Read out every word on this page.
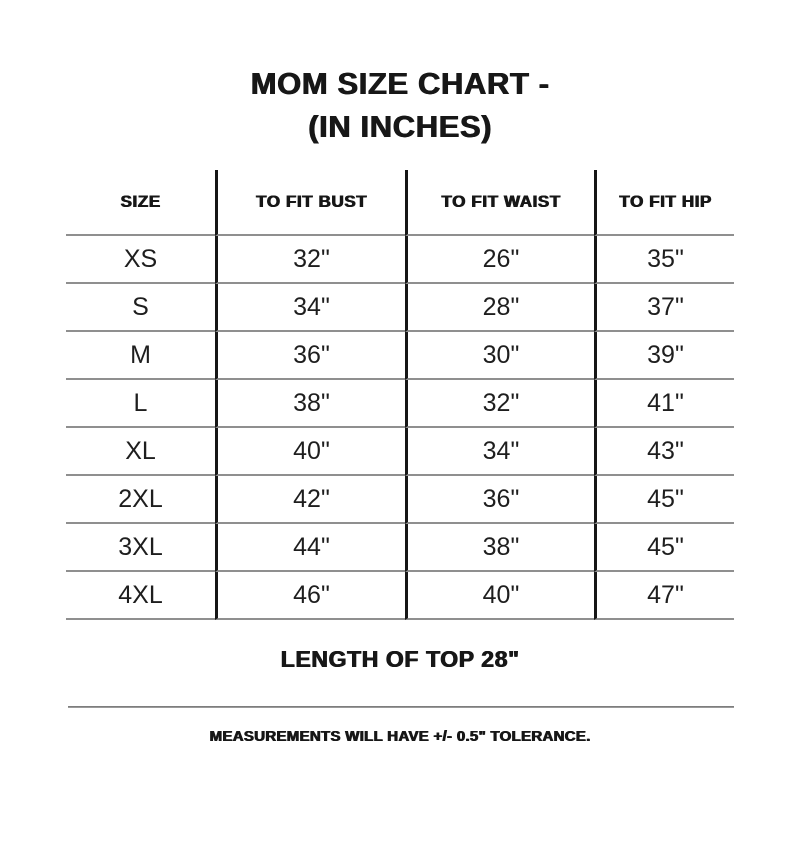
MOM SIZE CHART -
(IN INCHES)
SIZE	TO FIT BUST	TO FIT WAIST	TO FIT HIP
XS	32"	26"	35"
S	34"	28"	37"
M	36"	30"	39"
L	38"	32"	41"
XL	40"	34"	43"
2XL	42"	36"	45"
3XL	44"	38"	45"
4XL	46"	40"	47"
LENGTH OF TOP 28"
MEASUREMENTS WILL HAVE +/- 0.5" TOLERANCE.
